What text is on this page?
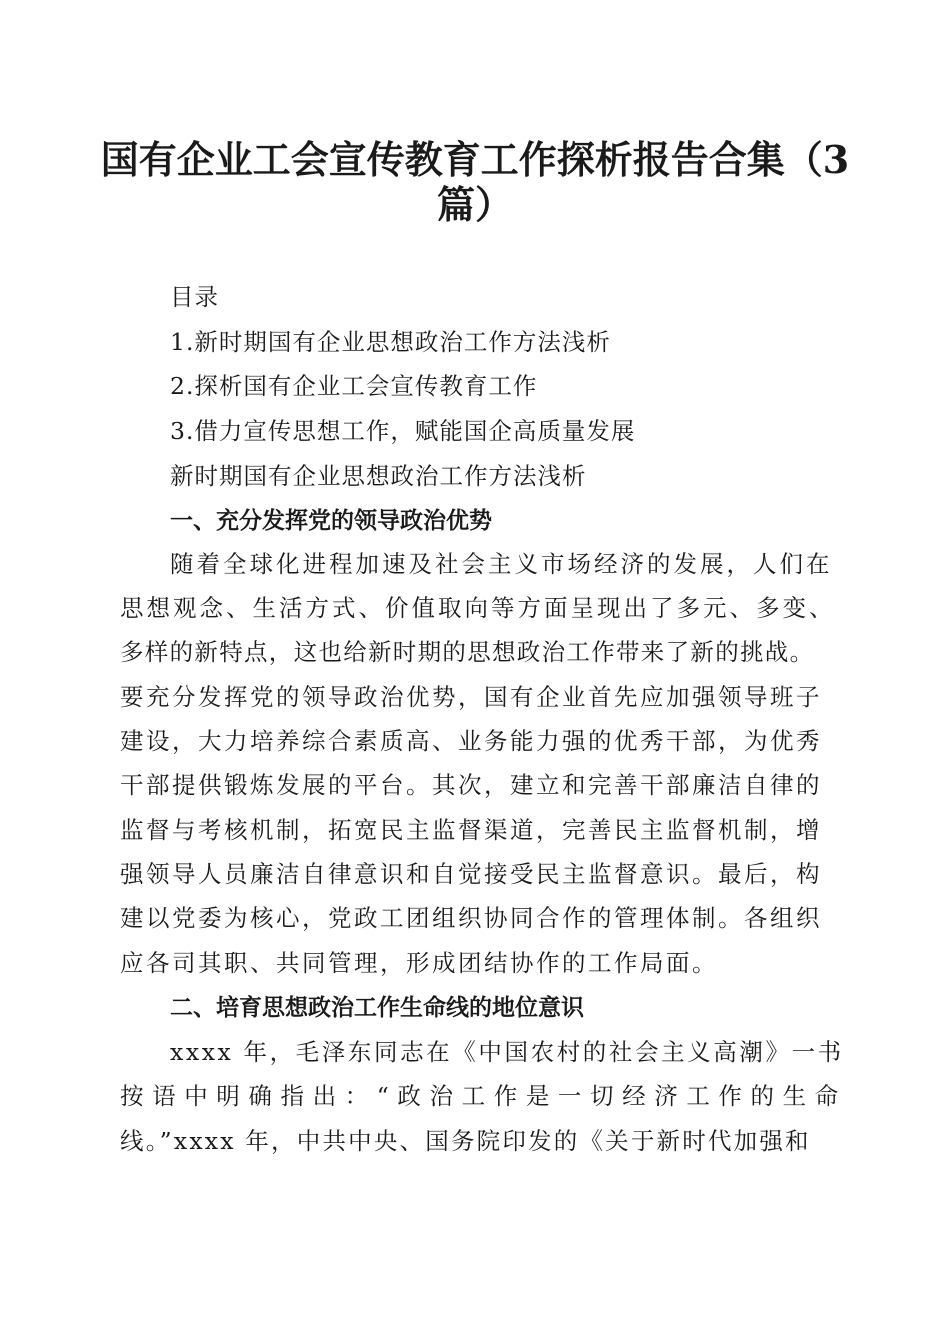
国有企业工会宣传教育工作探析报告合集（3
篇）
目录
1.新时期国有企业思想政治工作方法浅析
2.探析国有企业工会宣传教育工作
3.借力宣传思想工作，赋能国企高质量发展
新时期国有企业思想政治工作方法浅析
一、充分发挥党的领导政治优势
随着全球化进程加速及社会主义市场经济的发展，人们在
思想观念、生活方式、价值取向等方面呈现出了多元、多变、
多样的新特点，这也给新时期的思想政治工作带来了新的挑战。
要充分发挥党的领导政治优势，国有企业首先应加强领导班子
建设，大力培养综合素质高、业务能力强的优秀干部，为优秀
干部提供锻炼发展的平台。其次，建立和完善干部廉洁自律的
监督与考核机制，拓宽民主监督渠道，完善民主监督机制，增
强领导人员廉洁自律意识和自觉接受民主监督意识。最后，构
建以党委为核心，党政工团组织协同合作的管理体制。各组织
应各司其职、共同管理，形成团结协作的工作局面。
二、培育思想政治工作生命线的地位意识
xxxx 年，毛泽东同志在《中国农村的社会主义高潮》一书
按语中明确指出：“政治工作是一切经济工作的生命
线。”xxxx 年，中共中央、国务院印发的《关于新时代加强和
